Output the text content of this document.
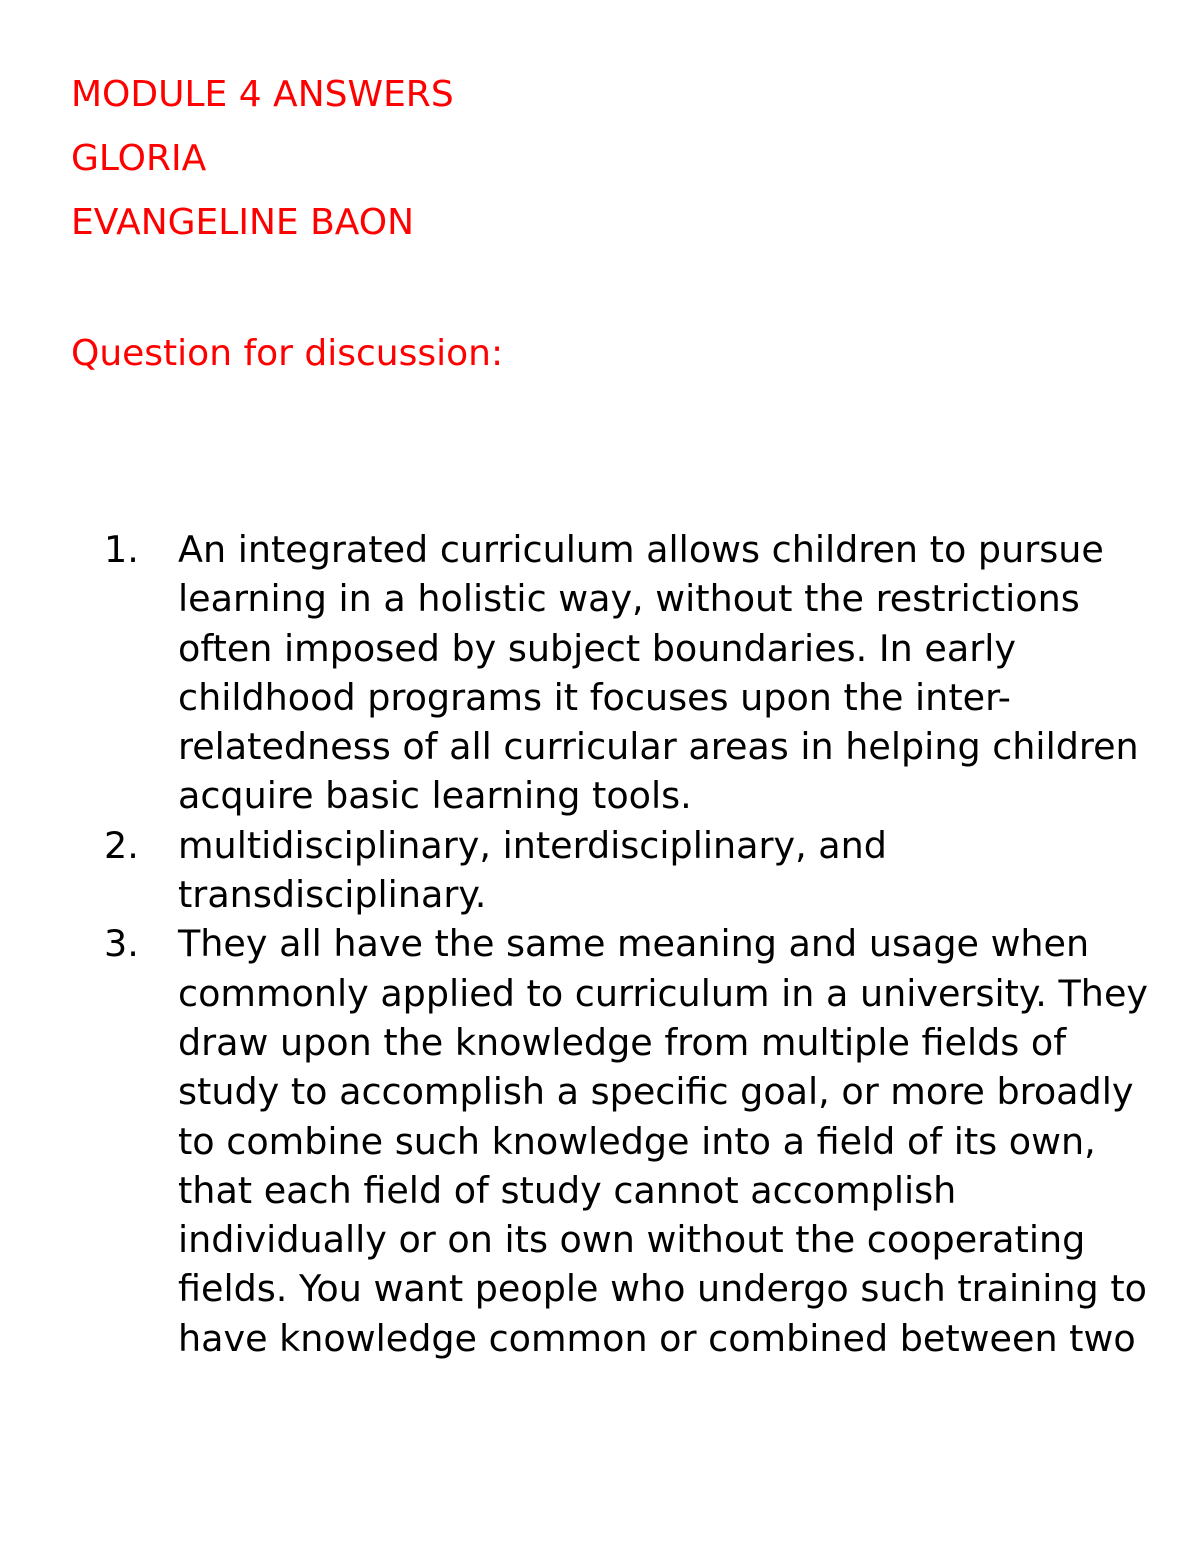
MODULE 4 ANSWERS
GLORIA
EVANGELINE BAON
Question for discussion:
1. An integrated curriculum allows children to pursue learning in a holistic way, without the restrictions often imposed by subject boundaries. In early childhood programs it focuses upon the inter-relatedness of all curricular areas in helping children acquire basic learning tools.
2. multidisciplinary, interdisciplinary, and transdisciplinary.
3. They all have the same meaning and usage when commonly applied to curriculum in a university. They draw upon the knowledge from multiple fields of study to accomplish a specific goal, or more broadly to combine such knowledge into a field of its own, that each field of study cannot accomplish individually or on its own without the cooperating fields. You want people who undergo such training to have knowledge common or combined between two
